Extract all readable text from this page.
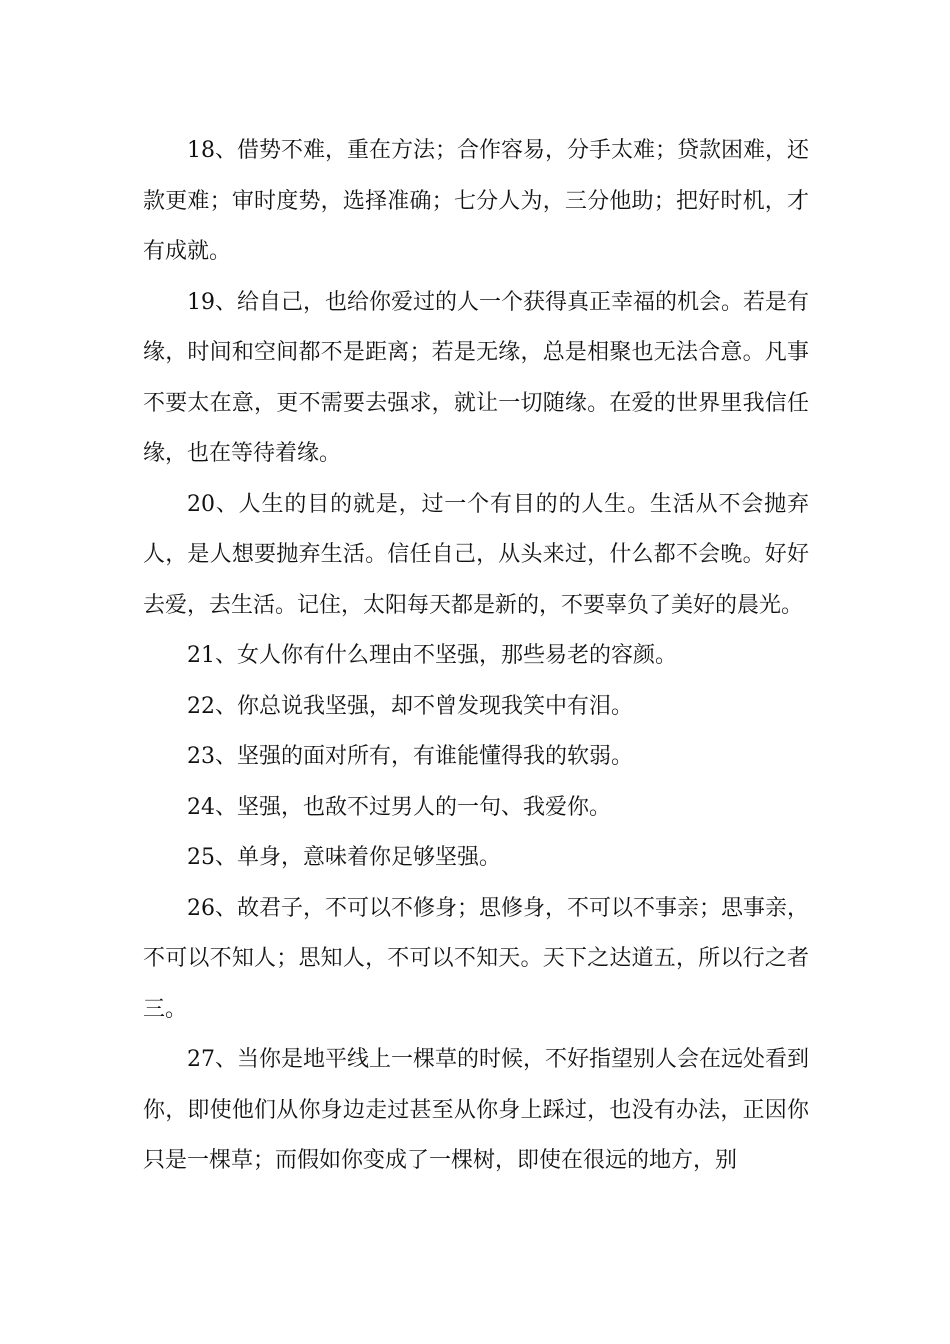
18、借势不难，重在方法；合作容易，分手太难；贷款困难，还款更难；审时度势，选择准确；七分人为，三分他助；把好时机，才有成就。

19、给自己，也给你爱过的人一个获得真正幸福的机会。若是有缘，时间和空间都不是距离；若是无缘，总是相聚也无法合意。凡事不要太在意，更不需要去强求，就让一切随缘。在爱的世界里我信任缘，也在等待着缘。

20、人生的目的就是，过一个有目的的人生。生活从不会抛弃人，是人想要抛弃生活。信任自己，从头来过，什么都不会晚。好好去爱，去生活。记住，太阳每天都是新的，不要辜负了美好的晨光。

21、女人你有什么理由不坚强，那些易老的容颜。

22、你总说我坚强，却不曾发现我笑中有泪。

23、坚强的面对所有，有谁能懂得我的软弱。

24、坚强，也敌不过男人的一句、我爱你。

25、单身，意味着你足够坚强。

26、故君子，不可以不修身；思修身，不可以不事亲；思事亲，不可以不知人；思知人，不可以不知天。天下之达道五，所以行之者三。

27、当你是地平线上一棵草的时候，不好指望别人会在远处看到你，即使他们从你身边走过甚至从你身上踩过，也没有办法，正因你只是一棵草；而假如你变成了一棵树，即使在很远的地方，别
